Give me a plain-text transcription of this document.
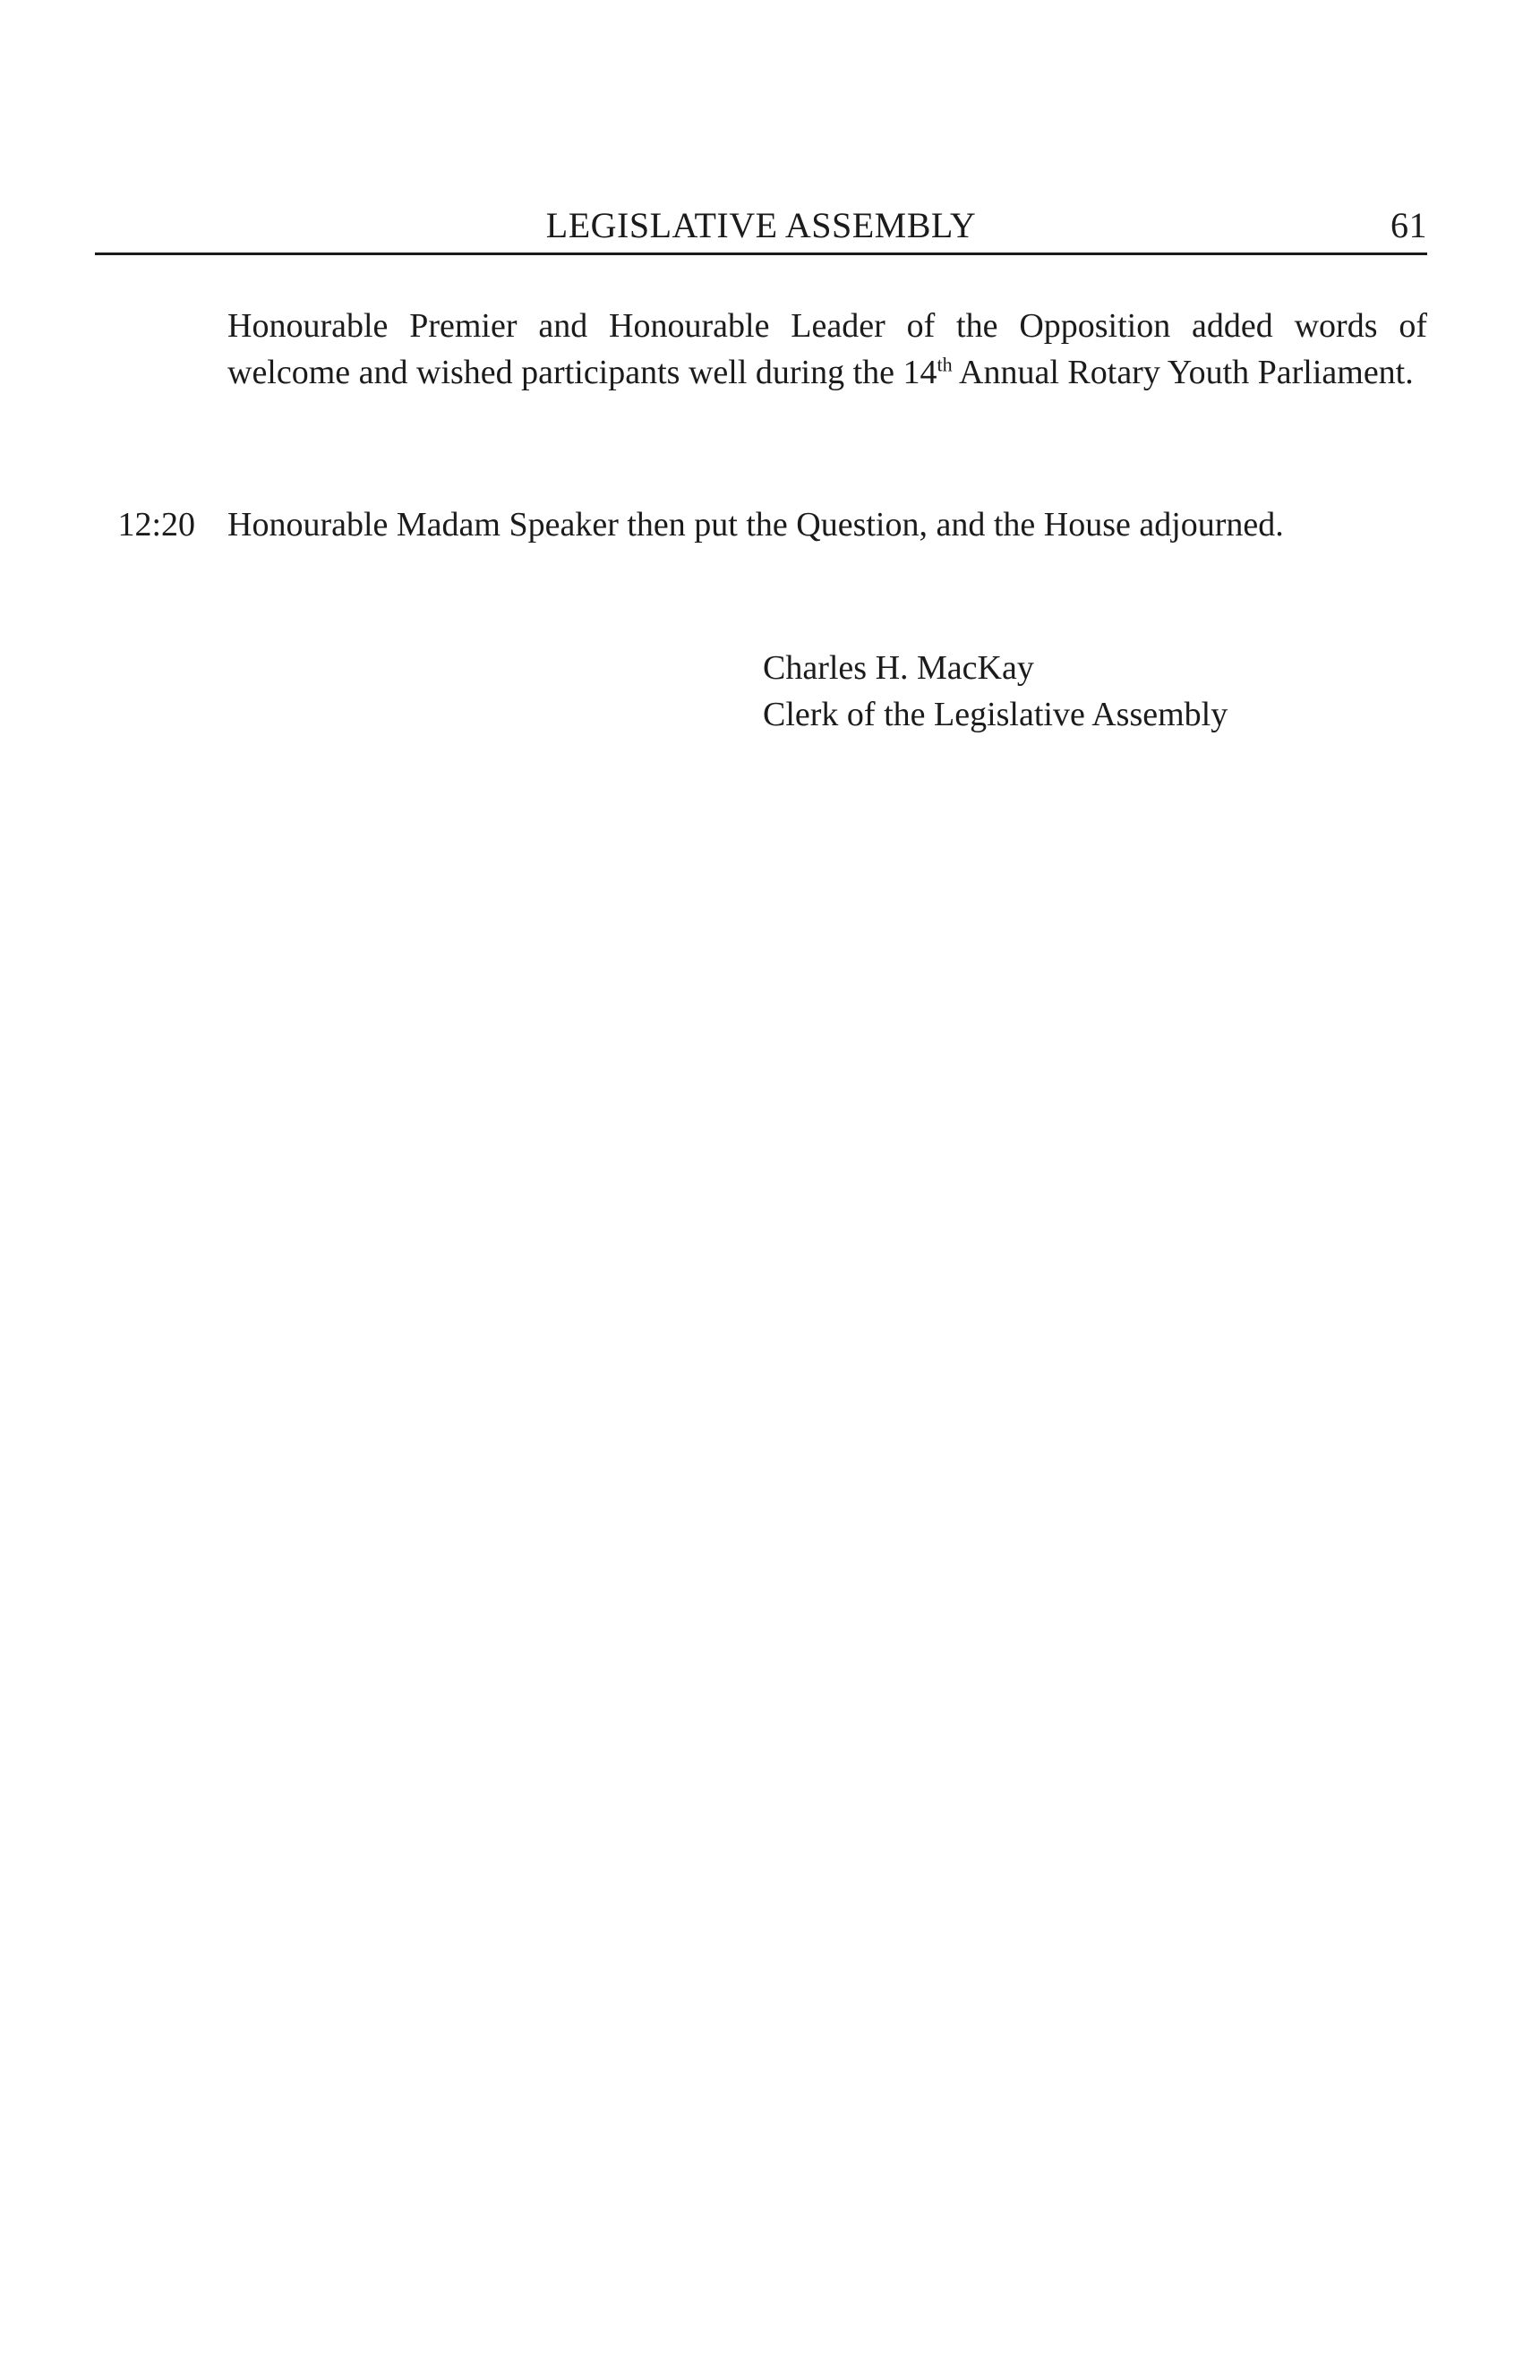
LEGISLATIVE ASSEMBLY	61
Honourable Premier and Honourable Leader of the Opposition added words of welcome and wished participants well during the 14th Annual Rotary Youth Parliament.
12:20 Honourable Madam Speaker then put the Question, and the House adjourned.
Charles H. MacKay
Clerk of the Legislative Assembly
